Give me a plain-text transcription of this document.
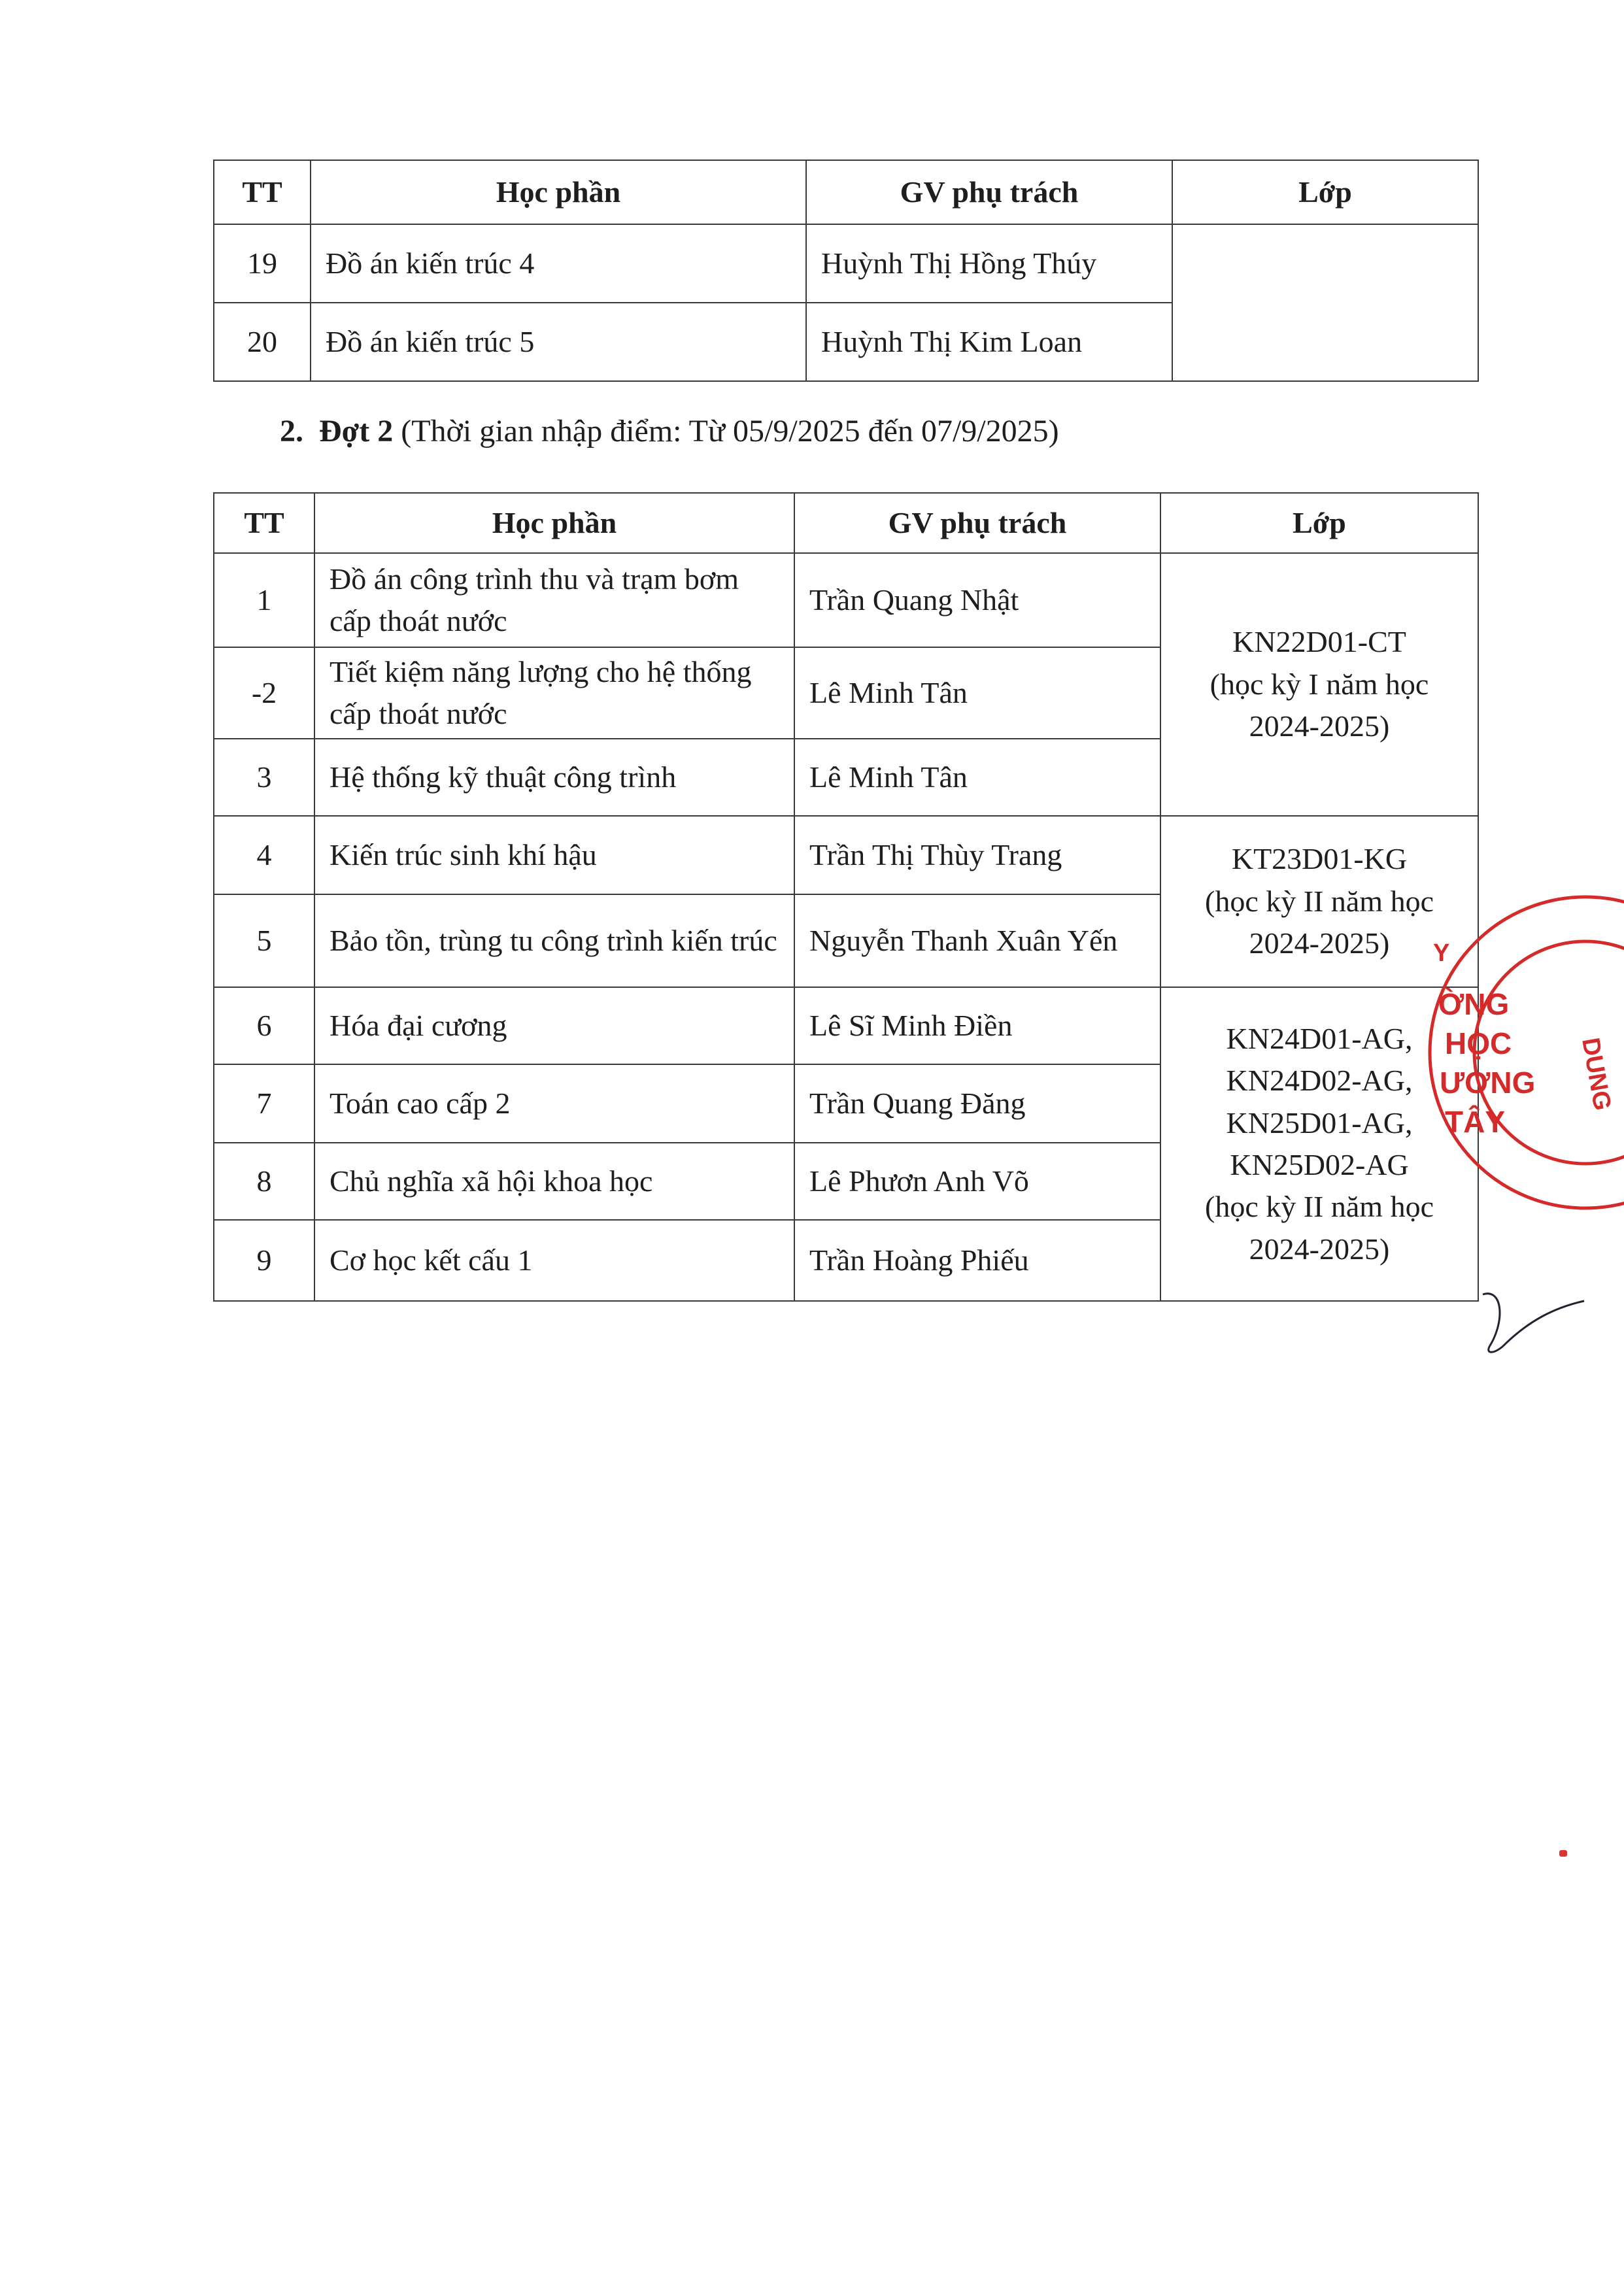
TT	Học phần	GV phụ trách	Lớp
19	Đồ án kiến trúc 4	Huỳnh Thị Hồng Thúy	
20	Đồ án kiến trúc 5	Huỳnh Thị Kim Loan	
2. Đợt 2 (Thời gian nhập điểm: Từ 05/9/2025 đến 07/9/2025)
TT	Học phần	GV phụ trách	Lớp
1	Đồ án công trình thu và trạm bơm cấp thoát nước	Trần Quang Nhật	KN22D01-CT
(học kỳ I năm học 2024-2025)

-2	Tiết kiệm năng lượng cho hệ thống cấp thoát nước	Lê Minh Tân	
3	Hệ thống kỹ thuật công trình	Lê Minh Tân	
4	Kiến trúc sinh khí hậu	Trần Thị Thùy Trang	KT23D01-KG
(học kỳ II năm học 2024-2025)

5	Bảo tồn, trùng tu công trình kiến trúc	Nguyễn Thanh Xuân Yến	
6	Hóa đại cương	Lê Sĩ Minh Điền	KN24D01-AG,
KN24D02-AG,
KN25D01-AG,
KN25D02-AG
(học kỳ II năm học 2024-2025)

7	Toán cao cấp 2	Trần Quang Đăng	
8	Chủ nghĩa xã hội khoa học	Lê Phươn Anh Võ	
9	Cơ học kết cấu 1	Trần Hoàng Phiếu	
ỜNG
HỌC
ƯƠNG
TÂY
Y
DUNG
